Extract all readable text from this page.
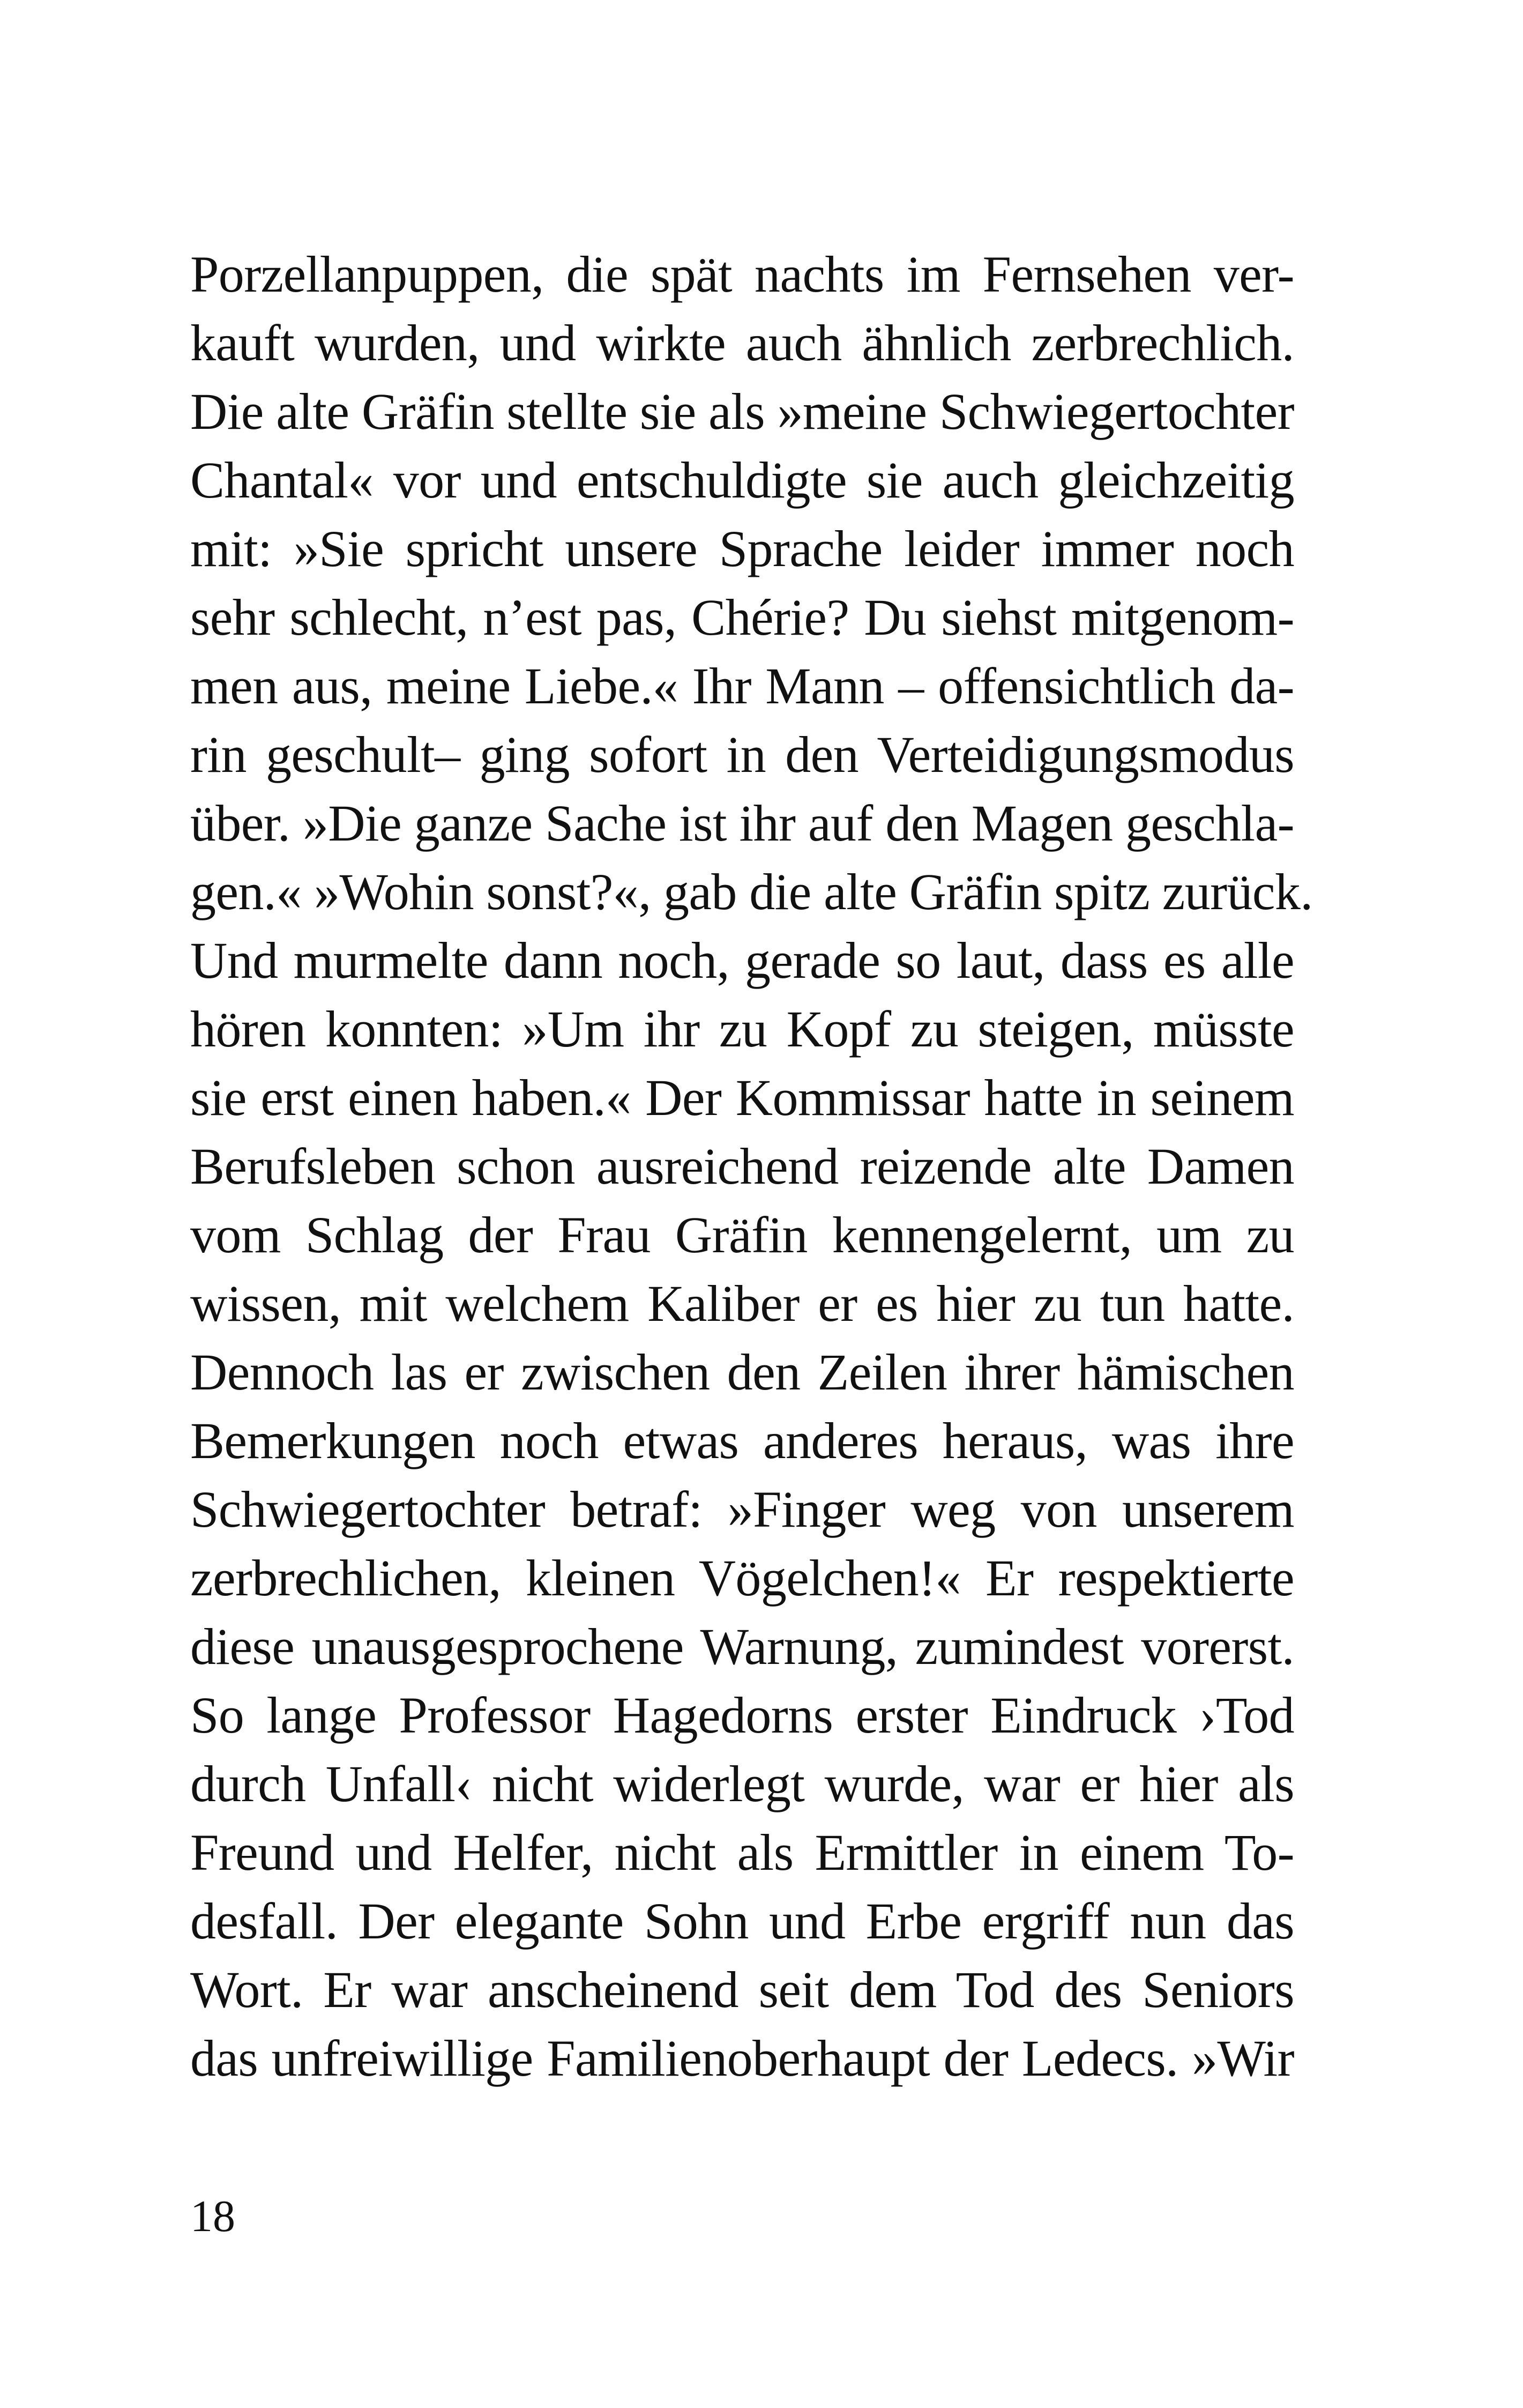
Porzellanpuppen, die spät nachts im Fernsehen ver-
kauft wurden, und wirkte auch ähnlich zerbrechlich.
Die alte Gräfin stellte sie als »meine Schwiegertochter
Chantal« vor und entschuldigte sie auch gleichzeitig
mit: »Sie spricht unsere Sprache leider immer noch
sehr schlecht, n’est pas, Chérie? Du siehst mitgenom-
men aus, meine Liebe.« Ihr Mann – offensichtlich da-
rin geschult– ging sofort in den Verteidigungsmodus
über. »Die ganze Sache ist ihr auf den Magen geschla-
gen.« »Wohin sonst?«, gab die alte Gräfin spitz zurück.
Und murmelte dann noch, gerade so laut, dass es alle
hören konnten: »Um ihr zu Kopf zu steigen, müsste
sie erst einen haben.« Der Kommissar hatte in seinem
Berufsleben schon ausreichend reizende alte Damen
vom Schlag der Frau Gräfin kennengelernt, um zu
wissen, mit welchem Kaliber er es hier zu tun hatte.
Dennoch las er zwischen den Zeilen ihrer hämischen
Bemerkungen noch etwas anderes heraus, was ihre
Schwiegertochter betraf: »Finger weg von unserem
zerbrechlichen, kleinen Vögelchen!« Er respektierte
diese unausgesprochene Warnung, zumindest vorerst.
So lange Professor Hagedorns erster Eindruck ›Tod
durch Unfall‹ nicht widerlegt wurde, war er hier als
Freund und Helfer, nicht als Ermittler in einem To-
desfall. Der elegante Sohn und Erbe ergriff nun das
Wort. Er war anscheinend seit dem Tod des Seniors
das unfreiwillige Familienoberhaupt der Ledecs. »Wir
18
